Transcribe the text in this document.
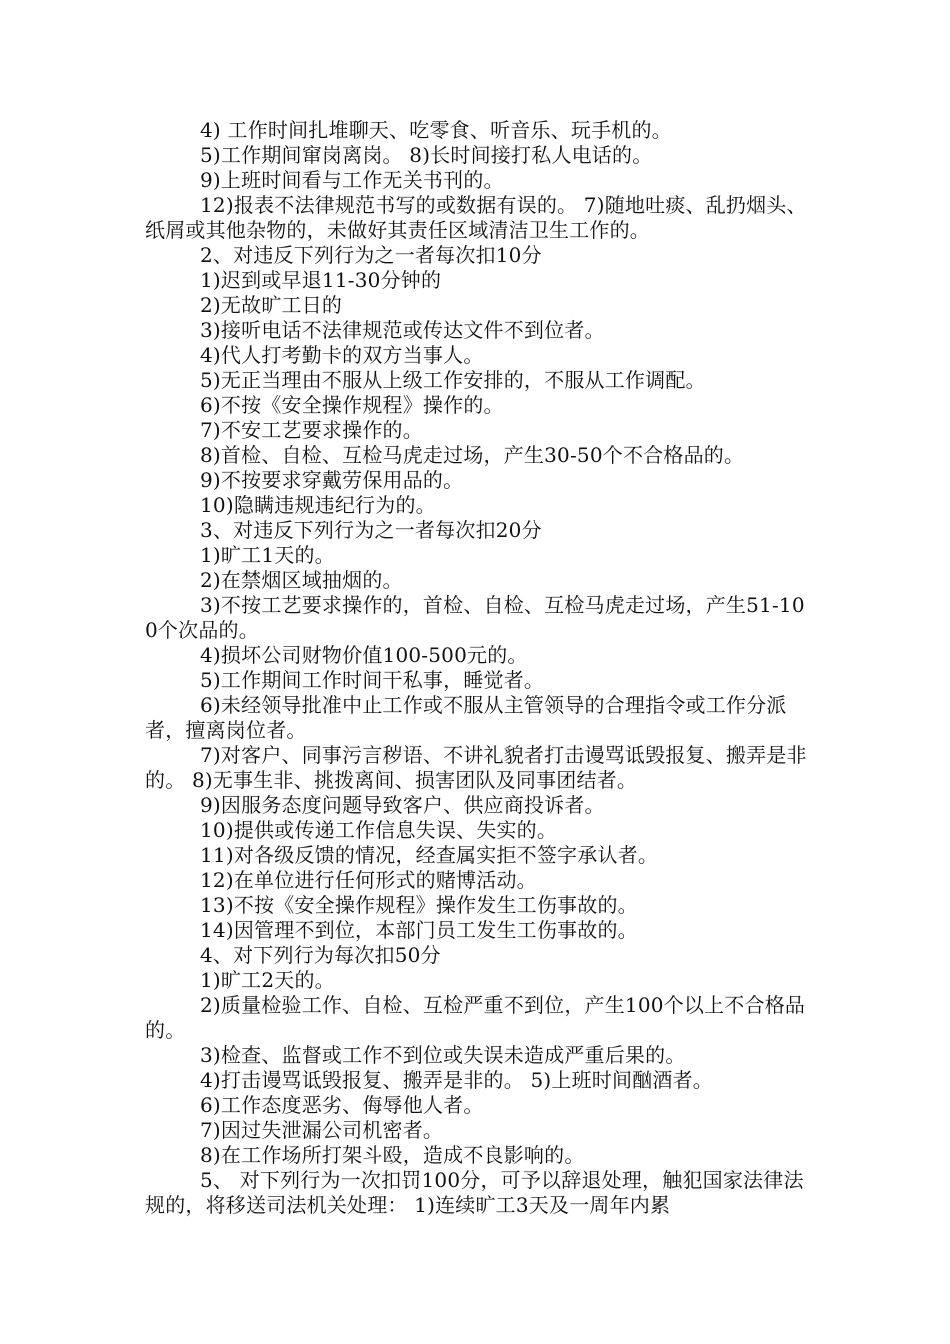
4) 工作时间扎堆聊天、吃零食、听音乐、玩手机的。

5)工作期间窜岗离岗。 8)长时间接打私人电话的。

9)上班时间看与工作无关书刊的。

12)报表不法律规范书写的或数据有误的。 7)随地吐痰、乱扔烟头、纸屑或其他杂物的，未做好其责任区域清洁卫生工作的。

2、对违反下列行为之一者每次扣10分

1)迟到或早退11-30分钟的

2)无故旷工日的

3)接听电话不法律规范或传达文件不到位者。

4)代人打考勤卡的双方当事人。

5)无正当理由不服从上级工作安排的，不服从工作调配。

6)不按《安全操作规程》操作的。

7)不安工艺要求操作的。

8)首检、自检、互检马虎走过场，产生30-50个不合格品的。

9)不按要求穿戴劳保用品的。

10)隐瞒违规违纪行为的。

3、对违反下列行为之一者每次扣20分

1)旷工1天的。

2)在禁烟区域抽烟的。

3)不按工艺要求操作的，首检、自检、互检马虎走过场，产生51-100个次品的。

4)损坏公司财物价值100-500元的。

5)工作期间工作时间干私事，睡觉者。

6)未经领导批准中止工作或不服从主管领导的合理指令或工作分派者，擅离岗位者。

7)对客户、同事污言秽语、不讲礼貌者打击谩骂诋毁报复、搬弄是非的。 8)无事生非、挑拨离间、损害团队及同事团结者。

9)因服务态度问题导致客户、供应商投诉者。

10)提供或传递工作信息失误、失实的。

11)对各级反馈的情况，经查属实拒不签字承认者。

12)在单位进行任何形式的赌博活动。

13)不按《安全操作规程》操作发生工伤事故的。

14)因管理不到位，本部门员工发生工伤事故的。

4、对下列行为每次扣50分

1)旷工2天的。

2)质量检验工作、自检、互检严重不到位，产生100个以上不合格品的。

3)检查、监督或工作不到位或失误未造成严重后果的。

4)打击谩骂诋毁报复、搬弄是非的。 5)上班时间酗酒者。

6)工作态度恶劣、侮辱他人者。

7)因过失泄漏公司机密者。

8)在工作场所打架斗殴，造成不良影响的。

5、 对下列行为一次扣罚100分，可予以辞退处理，触犯国家法律法规的，将移送司法机关处理： 1)连续旷工3天及一周年内累
